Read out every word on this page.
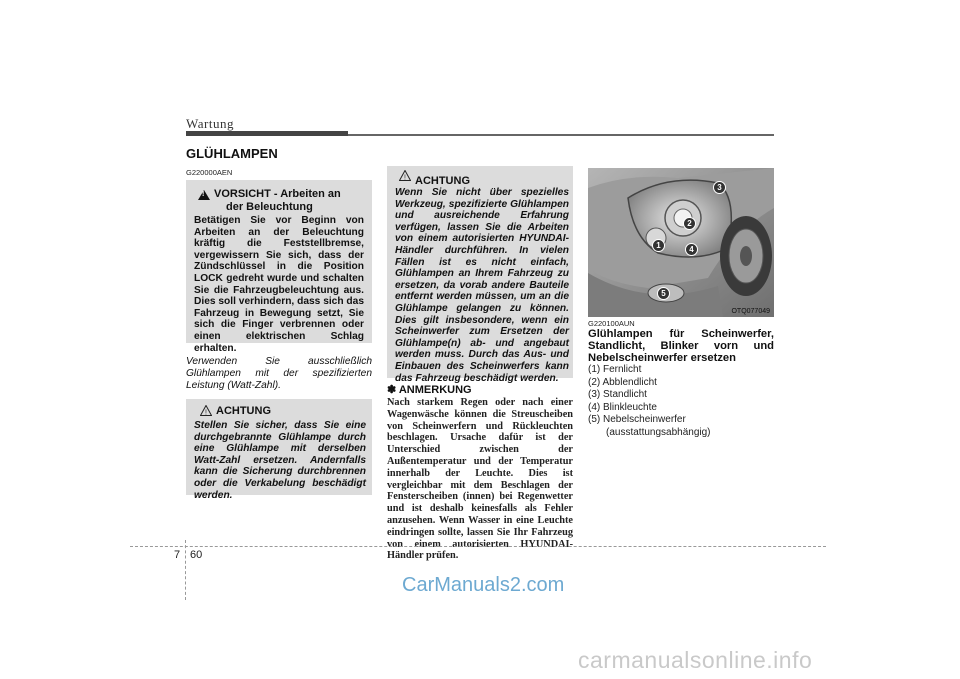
Wartung
GLÜHLAMPEN
G220000AEN
!
VORSICHT - Arbeiten an
der Beleuchtung
Betätigen Sie vor Beginn von Arbeiten an der Beleuchtung kräftig die Feststellbremse, vergewissern Sie sich, dass der Zündschlüssel in die Position LOCK gedreht wurde und schalten Sie die Fahrzeugbeleuchtung aus. Dies soll verhindern, dass sich das Fahrzeug in Bewegung setzt, Sie sich die Finger verbrennen oder einen elektrischen Schlag erhalten.
Verwenden Sie ausschließlich Glühlampen mit der spezifizierten Leistung (Watt-Zahl).
! ACHTUNG
Stellen Sie sicher, dass Sie eine durchgebrannte Glühlampe durch eine Glühlampe mit derselben Watt-Zahl ersetzen. Andernfalls kann die Sicherung durchbrennen oder die Verkabelung beschädigt werden.
! ACHTUNG
Wenn Sie nicht über spezielles Werkzeug, spezifizierte Glühlampen und ausreichende Erfahrung verfügen, lassen Sie die Arbeiten von einem autorisierten HYUNDAI-Händler durchführen. In vielen Fällen ist es nicht einfach, Glühlampen an Ihrem Fahrzeug zu ersetzen, da vorab andere Bauteile entfernt werden müssen, um an die Glühlampe gelangen zu können. Dies gilt insbesondere, wenn ein Scheinwerfer zum Ersetzen der Glühlampe(n) ab- und angebaut werden muss. Durch das Aus- und Einbauen des Scheinwerfers kann das Fahrzeug beschädigt werden.
✽ ANMERKUNG
Nach starkem Regen oder nach einer Wagenwäsche können die Streuscheiben von Scheinwerfern und Rückleuchten beschlagen. Ursache dafür ist der Unterschied zwischen der Außentemperatur und der Temperatur innerhalb der Leuchte. Dies ist vergleichbar mit dem Beschlagen der Fensterscheiben (innen) bei Regenwetter und ist deshalb keinesfalls als Fehler anzusehen. Wenn Wasser in eine Leuchte eindringen sollte, lassen Sie Ihr Fahrzeug von einem autorisierten HYUNDAI-Händler prüfen.
3
2
1	4
5
OTQ077049
G220100AUN
Glühlampen für Scheinwerfer, Standlicht, Blinker vorn und Nebelscheinwerfer ersetzen
(1) Fernlicht
(2) Abblendlicht
(3) Standlicht
(4) Blinkleuchte
(5) Nebelscheinwerfer
(ausstattungsabhängig)
7 60
CarManuals2.com
carmanualsonline.info
